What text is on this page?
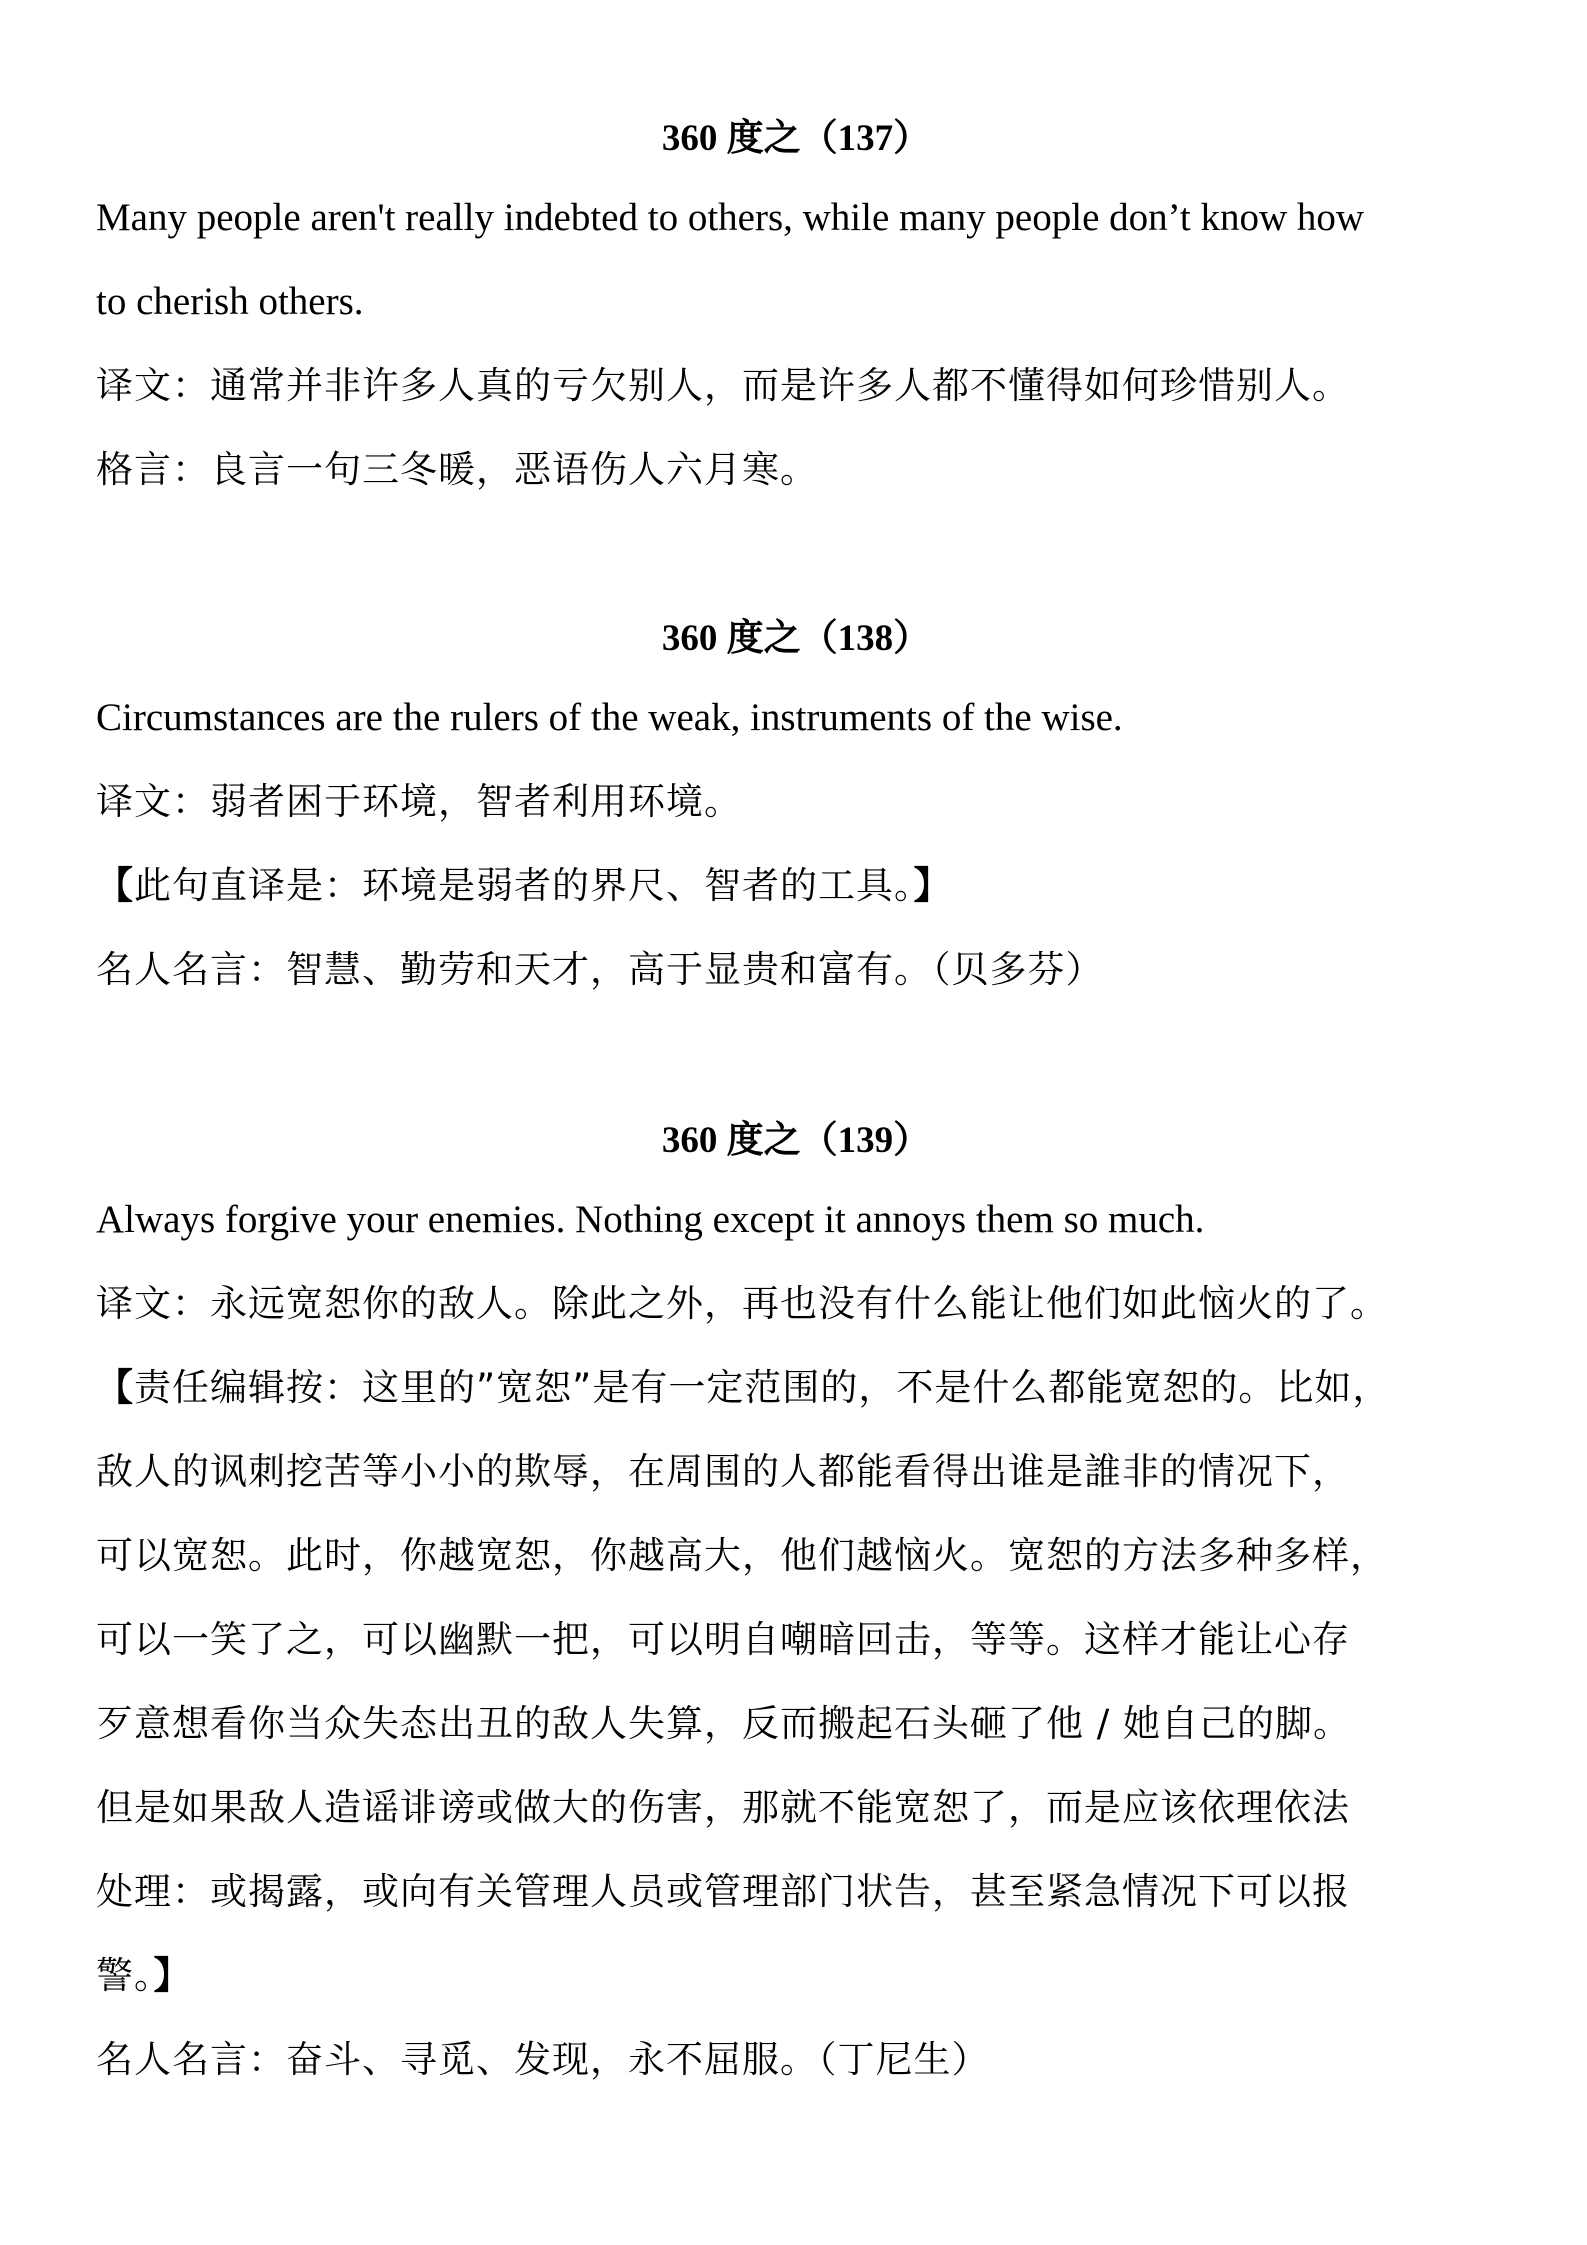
360 度之（137）

Many people aren't really indebted to others, while many people don’t know how

to cherish others.

译文：通常并非许多人真的亏欠别人，而是许多人都不懂得如何珍惜别人。

格言：良言一句三冬暖，恶语伤人六月寒。

360 度之（138）

Circumstances are the rulers of the weak, instruments of the wise.

译文：弱者困于环境，智者利用环境。

【此句直译是：环境是弱者的界尺、智者的工具。】

名人名言：智慧、勤劳和天才，高于显贵和富有。（贝多芬）

360 度之（139）

Always forgive your enemies. Nothing except it annoys them so much.

译文：永远宽恕你的敌人。除此之外，再也没有什么能让他们如此恼火的了。

【责任编辑按：这里的”宽恕”是有一定范围的，不是什么都能宽恕的。比如，

敌人的讽刺挖苦等小小的欺辱，在周围的人都能看得出谁是誰非的情况下，

可以宽恕。此时，你越宽恕，你越高大，他们越恼火。宽恕的方法多种多样，

可以一笑了之，可以幽默一把，可以明自嘲暗回击，等等。这样才能让心存

歹意想看你当众失态出丑的敌人失算，反而搬起石头砸了他 / 她自己的脚。

但是如果敌人造谣诽谤或做大的伤害，那就不能宽恕了，而是应该依理依法

处理：或揭露，或向有关管理人员或管理部门状告，甚至紧急情况下可以报

警。】

名人名言：奋斗、寻觅、发现，永不屈服。（丁尼生）
